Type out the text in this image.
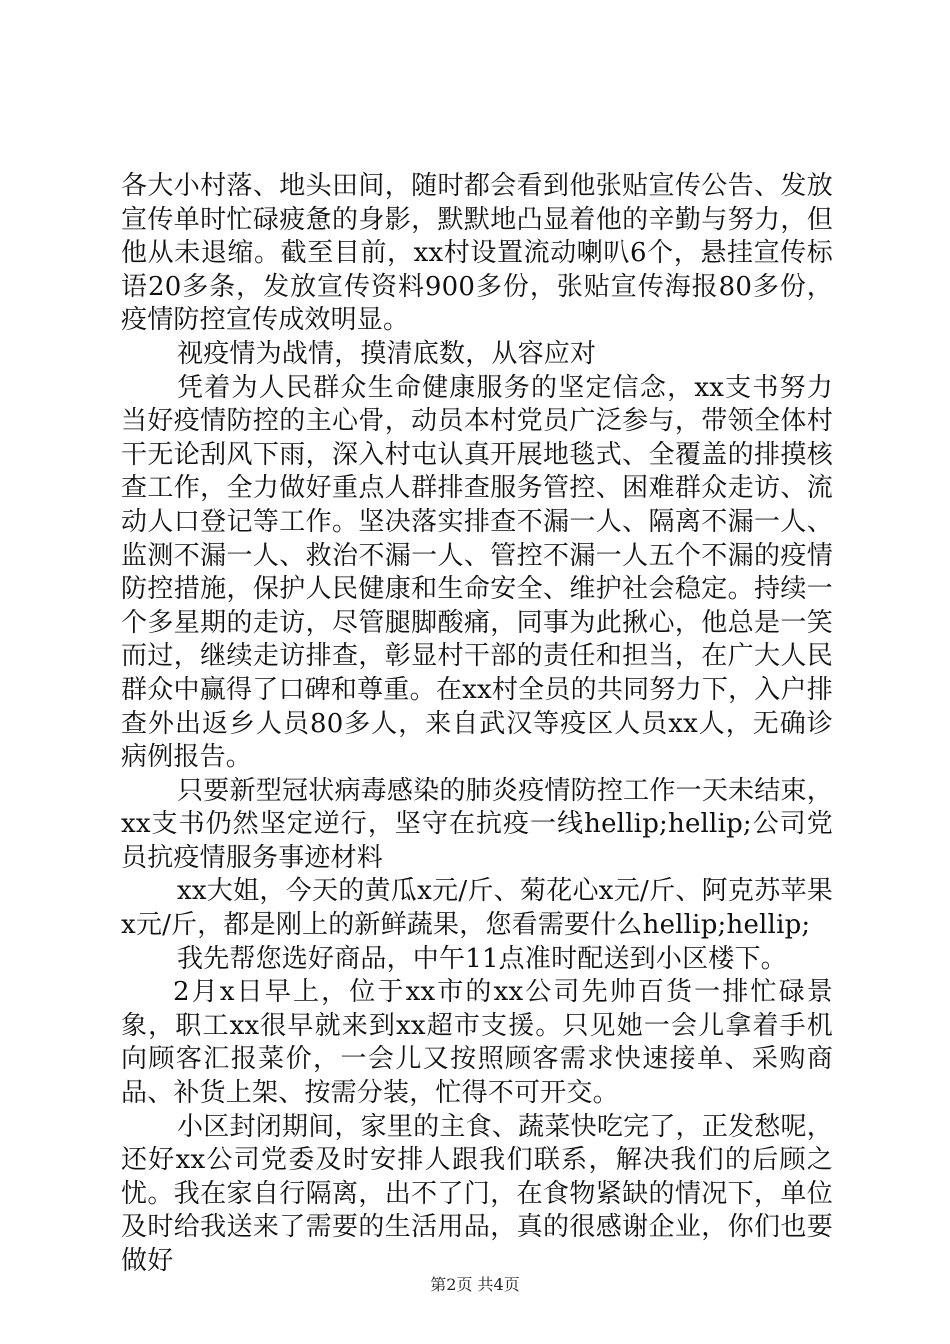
各大小村落、地头田间，随时都会看到他张贴宣传公告、发放宣传单时忙碌疲惫的身影，默默地凸显着他的辛勤与努力，但他从未退缩。截至目前，xx村设置流动喇叭6个，悬挂宣传标语20多条，发放宣传资料900多份，张贴宣传海报80多份，疫情防控宣传成效明显。

视疫情为战情，摸清底数，从容应对

凭着为人民群众生命健康服务的坚定信念，xx支书努力当好疫情防控的主心骨，动员本村党员广泛参与，带领全体村干无论刮风下雨，深入村屯认真开展地毯式、全覆盖的排摸核查工作，全力做好重点人群排查服务管控、困难群众走访、流动人口登记等工作。坚决落实排查不漏一人、隔离不漏一人、监测不漏一人、救治不漏一人、管控不漏一人五个不漏的疫情防控措施，保护人民健康和生命安全、维护社会稳定。持续一个多星期的走访，尽管腿脚酸痛，同事为此揪心，他总是一笑而过，继续走访排查，彰显村干部的责任和担当，在广大人民群众中赢得了口碑和尊重。在xx村全员的共同努力下，入户排查外出返乡人员80多人，来自武汉等疫区人员xx人，无确诊病例报告。

只要新型冠状病毒感染的肺炎疫情防控工作一天未结束，xx支书仍然坚定逆行，坚守在抗疫一线hellip;hellip;公司党员抗疫情服务事迹材料

xx大姐，今天的黄瓜x元/斤、菊花心x元/斤、阿克苏苹果x元/斤，都是刚上的新鲜蔬果，您看需要什么hellip;hellip;

我先帮您选好商品，中午11点准时配送到小区楼下。

2月x日早上，位于xx市的xx公司先帅百货一排忙碌景象，职工xx很早就来到xx超市支援。只见她一会儿拿着手机向顾客汇报菜价，一会儿又按照顾客需求快速接单、采购商品、补货上架、按需分装，忙得不可开交。

小区封闭期间，家里的主食、蔬菜快吃完了，正发愁呢，还好xx公司党委及时安排人跟我们联系，解决我们的后顾之忧。我在家自行隔离，出不了门，在食物紧缺的情况下，单位及时给我送来了需要的生活用品，真的很感谢企业，你们也要做好

第2页 共4页
